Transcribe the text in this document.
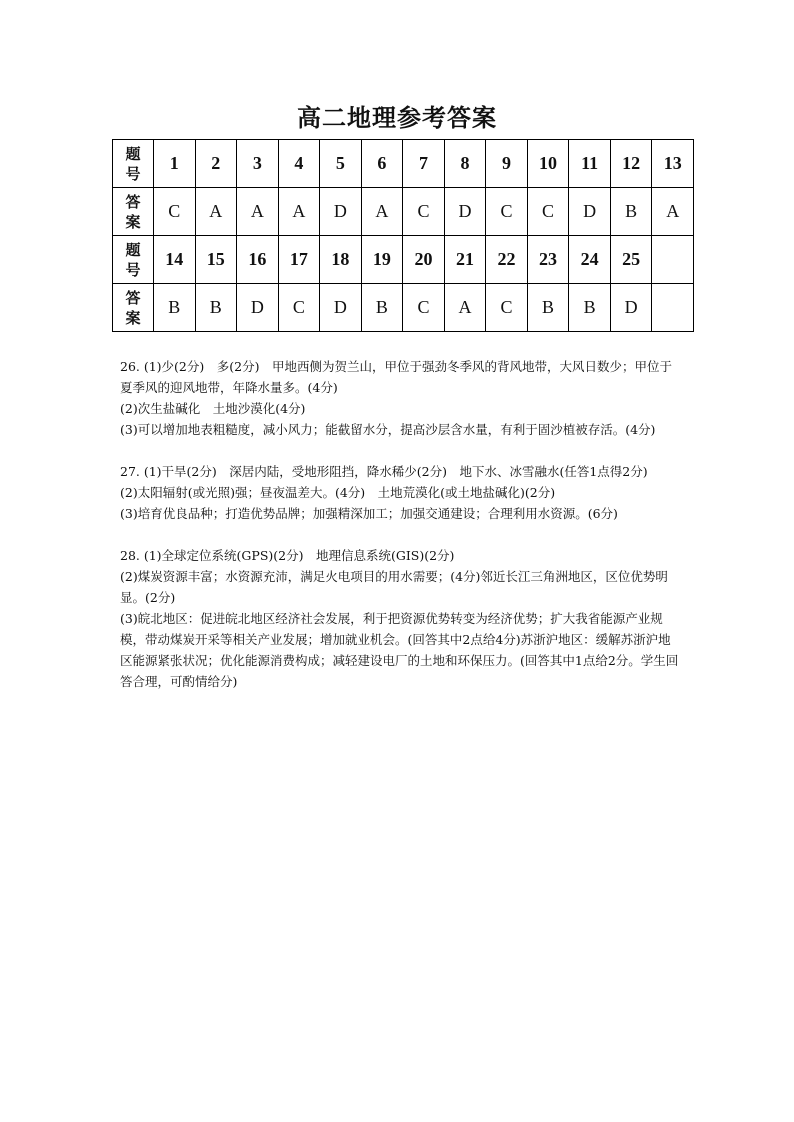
高二地理参考答案
题
号	1	2	3	4	5	6	7	8	9	10	11	12	13
答
案	C	A	A	A	D	A	C	D	C	C	D	B	A
题
号	14	15	16	17	18	19	20	21	22	23	24	25	
答
案	B	B	D	C	D	B	C	A	C	B	B	D	

26. (1)少(2分)　多(2分)　甲地西侧为贺兰山，甲位于强劲冬季风的背风地带，大风日数少；甲位于夏季风的迎风地带，年降水量多。(4分)

(2)次生盐碱化　土地沙漠化(4分)

(3)可以增加地表粗糙度，减小风力；能截留水分，提高沙层含水量，有利于固沙植被存活。(4分)

27. (1)干旱(2分)　深居内陆，受地形阻挡，降水稀少(2分)　地下水、冰雪融水(任答1点得2分)

(2)太阳辐射(或光照)强；昼夜温差大。(4分)　土地荒漠化(或土地盐碱化)(2分)

(3)培育优良品种；打造优势品牌；加强精深加工；加强交通建设；合理利用水资源。(6分)

28. (1)全球定位系统(GPS)(2分)　地理信息系统(GIS)(2分)

(2)煤炭资源丰富；水资源充沛，满足火电项目的用水需要；(4分)邻近长江三角洲地区，区位优势明显。(2分)

(3)皖北地区：促进皖北地区经济社会发展，利于把资源优势转变为经济优势；扩大我省能源产业规模，带动煤炭开采等相关产业发展；增加就业机会。(回答其中2点给4分)苏浙沪地区：缓解苏浙沪地区能源紧张状况；优化能源消费构成；减轻建设电厂的土地和环保压力。(回答其中1点给2分。学生回答合理，可酌情给分)
